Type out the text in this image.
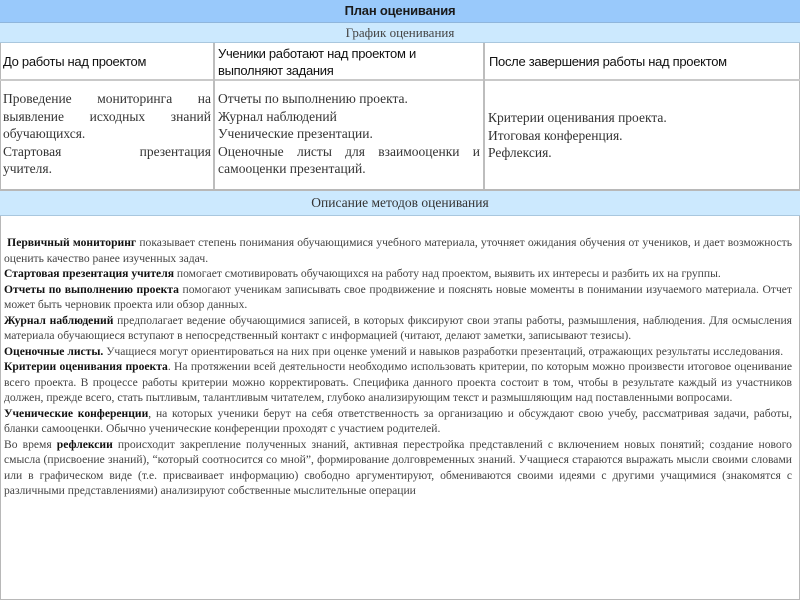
План оценивания
График оценивания
До работы над проектом	Ученики работают над проектом и выполняют задания
После завершения работы над проектом

Проведение мониторинга на выявление исходных знаний обучающихся.

Стартовая презентация учителя.

Отчеты по выполнению проекта.

Журнал наблюдений

Ученические презентации.

Оценочные листы для взаимооценки и самооценки презентаций.

Критерии оценивания проекта.

Итоговая конференция.

Рефлексия.

Описание методов оценивания

Первичный мониторинг показывает степень понимания обучающимися учебного материала, уточняет ожидания обучения от учеников, и дает возможность оценить качество ранее изученных задач.

Стартовая презентация учителя помогает смотивировать обучающихся на работу над проектом, выявить их интересы и разбить их на группы.

Отчеты по выполнению проекта помогают ученикам записывать свое продвижение и пояснять новые моменты в понимании изучаемого материала. Отчет может быть черновик проекта или обзор данных.

Журнал наблюдений предполагает ведение обучающимися записей, в которых фиксируют свои этапы работы, размышления, наблюдения. Для осмысления материала обучающиеся вступают в непосредственный контакт с информацией (читают, делают заметки, записывают тезисы).

Оценочные листы. Учащиеся могут ориентироваться на них при оценке умений и навыков разработки презентаций, отражающих результаты исследования.

Критерии оценивания проекта. На протяжении всей деятельности необходимо использовать критерии, по которым можно произвести итоговое оценивание всего проекта. В процессе работы критерии можно корректировать. Специфика данного проекта состоит в том, чтобы в результате каждый из участников должен, прежде всего, стать пытливым, талантливым читателем, глубоко анализирующим текст и размышляющим над поставленными вопросами.

Ученические конференции, на которых ученики берут на себя ответственность за организацию и обсуждают свою учебу, рассматривая задачи, работы, бланки самооценки. Обычно ученические конференции проходят с участием родителей.

Во время рефлексии происходит закрепление полученных знаний, активная перестройка представлений с включением новых понятий; создание нового смысла (присвоение знаний), “который соотносится со мной”, формирование долговременных знаний. Учащиеся стараются выражать мысли своими словами или в графическом виде (т.е. присваивает информацию) свободно аргументируют, обмениваются своими идеями с другими учащимися (знакомятся с различными представлениями) анализируют собственные мыслительные операции
